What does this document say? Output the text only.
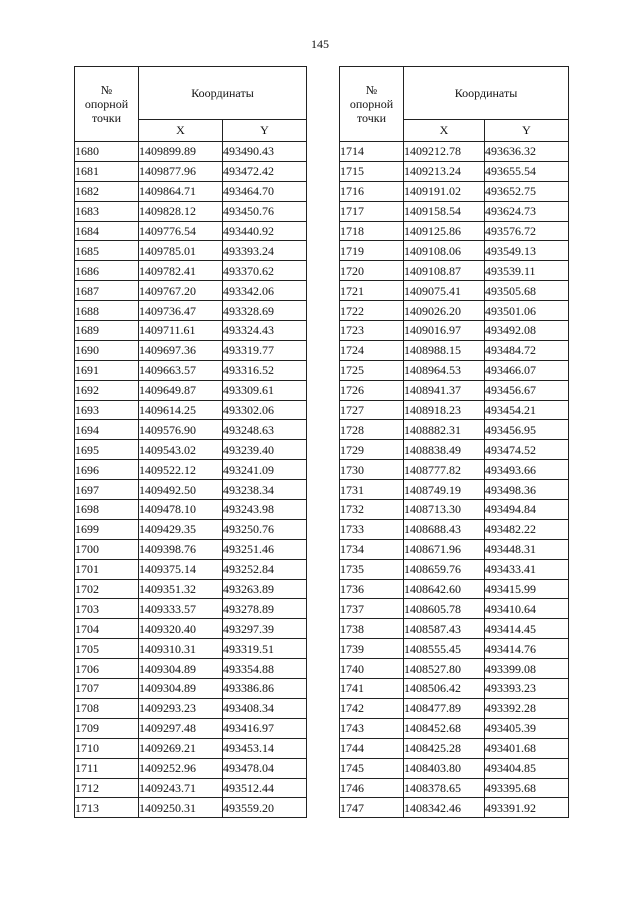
145
№
опорной
точки	Координаты	
	X	Y
1680	1409899.89	493490.43
1681	1409877.96	493472.42
1682	1409864.71	493464.70
1683	1409828.12	493450.76
1684	1409776.54	493440.92
1685	1409785.01	493393.24
1686	1409782.41	493370.62
1687	1409767.20	493342.06
1688	1409736.47	493328.69
1689	1409711.61	493324.43
1690	1409697.36	493319.77
1691	1409663.57	493316.52
1692	1409649.87	493309.61
1693	1409614.25	493302.06
1694	1409576.90	493248.63
1695	1409543.02	493239.40
1696	1409522.12	493241.09
1697	1409492.50	493238.34
1698	1409478.10	493243.98
1699	1409429.35	493250.76
1700	1409398.76	493251.46
1701	1409375.14	493252.84
1702	1409351.32	493263.89
1703	1409333.57	493278.89
1704	1409320.40	493297.39
1705	1409310.31	493319.51
1706	1409304.89	493354.88
1707	1409304.89	493386.86
1708	1409293.23	493408.34
1709	1409297.48	493416.97
1710	1409269.21	493453.14
1711	1409252.96	493478.04
1712	1409243.71	493512.44
1713	1409250.31	493559.20
№
опорной
точки	Координаты	
	X	Y
1714	1409212.78	493636.32
1715	1409213.24	493655.54
1716	1409191.02	493652.75
1717	1409158.54	493624.73
1718	1409125.86	493576.72
1719	1409108.06	493549.13
1720	1409108.87	493539.11
1721	1409075.41	493505.68
1722	1409026.20	493501.06
1723	1409016.97	493492.08
1724	1408988.15	493484.72
1725	1408964.53	493466.07
1726	1408941.37	493456.67
1727	1408918.23	493454.21
1728	1408882.31	493456.95
1729	1408838.49	493474.52
1730	1408777.82	493493.66
1731	1408749.19	493498.36
1732	1408713.30	493494.84
1733	1408688.43	493482.22
1734	1408671.96	493448.31
1735	1408659.76	493433.41
1736	1408642.60	493415.99
1737	1408605.78	493410.64
1738	1408587.43	493414.45
1739	1408555.45	493414.76
1740	1408527.80	493399.08
1741	1408506.42	493393.23
1742	1408477.89	493392.28
1743	1408452.68	493405.39
1744	1408425.28	493401.68
1745	1408403.80	493404.85
1746	1408378.65	493395.68
1747	1408342.46	493391.92
